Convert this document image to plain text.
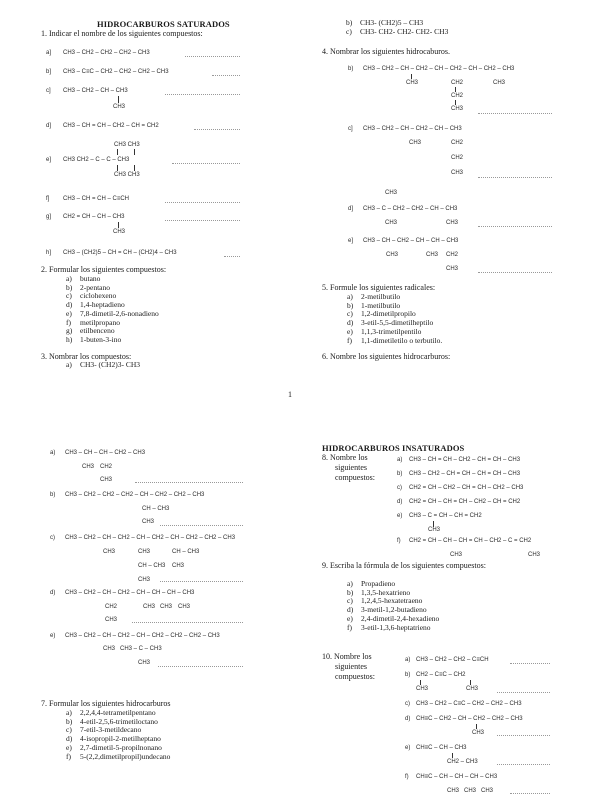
HIDROCARBUROS SATURADOS
1. Indicar el nombre de los siguientes compuestos:
a] CH3 – CH2 – CH2 – CH2 – CH3
b] CH3 – C≡C – CH2 – CH2 – CH2 – CH3
c] CH3 – CH2 – CH – CH3
CH3
d] CH3 – CH = CH – CH2 – CH = CH2
CH3 CH3
e] CH3 CH2 – C – C – CH3
CH3 CH3
f] CH3 – CH = CH – C≡CH
g] CH2 = CH – CH – CH3
CH3
h] CH3 – (CH2)5 – CH = CH – (CH2)4 – CH3
2. Formular los siguientes compuestos:
a) butano
b) 2-pentano
c) ciclohexeno
d) 1,4-heptadieno
e) 7,8-dimetil-2,6-nonadieno
f) metilpropano
g) etilbenceno
h) 1-buten-3-ino
3. Nombrar los compuestos:
a) CH3- (CH2)3- CH3
b) CH3- (CH2)5 – CH3
c) CH3- CH2- CH2- CH2- CH3
4. Nombrar los siguientes hidrocaburos.
b) CH3 – CH2 – CH – CH2 – CH – CH2 – CH – CH2 – CH3
CH3	CH2
CH2
CH3
CH3
c] CH3 – CH2 – CH – CH2 – CH – CH3
CH3	CH2
CH2
CH3
CH3
d] CH3 – C – CH2 – CH2 – CH – CH3
CH3	CH3
e] CH3 – CH – CH2 – CH – CH – CH3
CH3	CH3 CH2
CH3
5. Formule los siguientes radicales:
a) 2-metilbutilo
b) 1-metilbutilo
c) 1,2-dimetilpropilo
d) 3-etil-5,5-dimetilheptilo
e) 1,1,3-trimetilpentilo
f) 1,1-dimetiletilo o terbutilo.
6. Nombre los siguientes hidrocarburos:
1
a) CH3 – CH – CH – CH2 – CH3
CH3 CH2
CH3
b) CH3 – CH2 – CH2 – CH2 – CH – CH2 – CH2 – CH3
CH – CH3
CH3
c) CH3 – CH2 – CH – CH2 – CH – CH2 – CH – CH2 – CH2 – CH3
CH3	CH3
CH – CH3
CH3
CH – CH3
CH3
d) CH3 – CH2 – CH – CH2 – CH – CH – CH – CH3
CH2
CH3
CH3 CH3 CH3
e) CH3 – CH2 – CH – CH2 – CH – CH2 – CH2 – CH2 – CH3
CH3 CH3 – C – CH3
CH3
7. Formular los siguientes hidrocarburos
a) 2,2,4,4-tetrametilpentano
b) 4-etil-2,5,6-trimetiloctano
c) 7-etil-3-metildecano
d) 4-isopropil-2-metilheptano
e) 2,7-dimetil-5-propilnonano
f) 5-(2,2,dimetilpropil)undecano
HIDROCARBUROS INSATURADOS
8. Nombre los
siguientes
compuestos:
a) CH3 – CH = CH – CH2 – CH = CH – CH3
b) CH3 – CH2 – CH = CH – CH = CH – CH3
c) CH2 = CH – CH2 – CH = CH – CH2 – CH3
d) CH2 = CH – CH = CH – CH2 – CH = CH2
e) CH3 – C = CH – CH = CH2
CH3
f) CH2 = CH – CH – CH = CH – CH2 – C = CH2
CH3	CH3
9. Escriba la fórmula de los siguientes compuestos:
a) Propadieno
b) 1,3,5-hexatrieno
c) 1,2,4,5-hexatetraeno
d) 3-metil-1,2-butadieno
e) 2,4-dimetil-2,4-hexadieno
f) 3-etil-1,3,6-heptatrieno
10. Nombre los
siguientes
compuestos:
a) CH3 – CH2 – CH2 – C≡CH
b) CH2 – C≡C – CH2
CH3	CH3
c) CH3 – CH2 – C≡C – CH2 – CH2 – CH3
d) CH≡C – CH2 – CH – CH2 – CH2 – CH3
CH3
e) CH≡C – CH – CH3
CH2 – CH3
f) CH≡C – CH – CH – CH – CH3
CH3 CH3 CH3
